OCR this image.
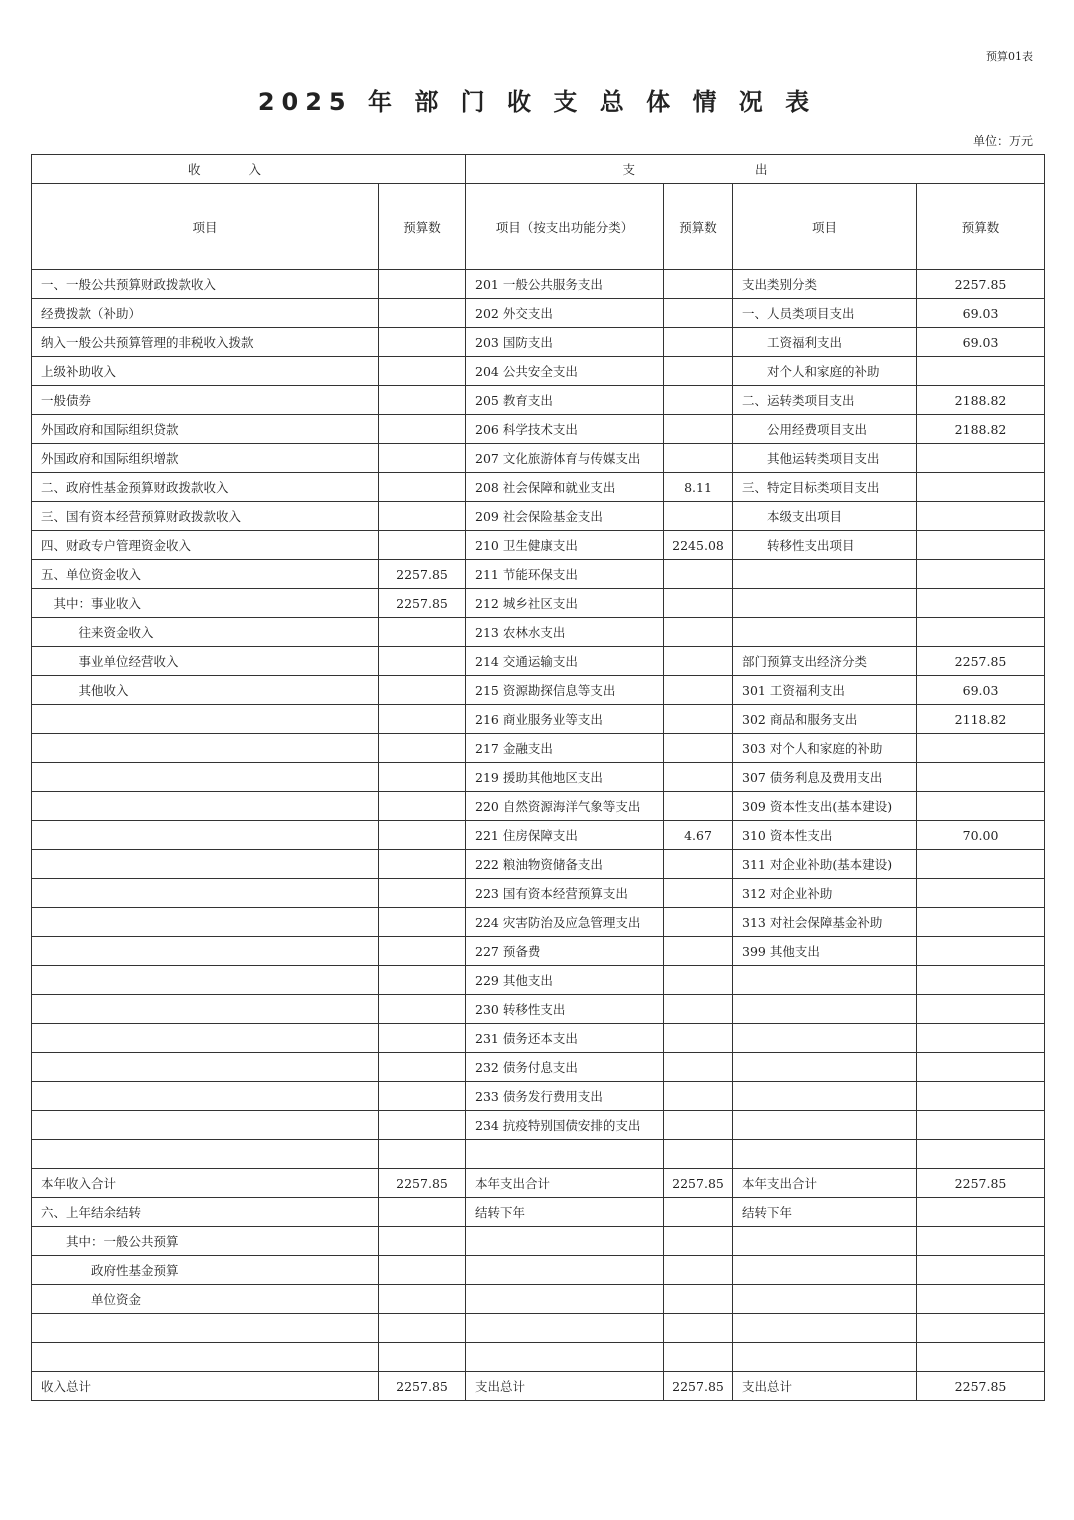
预算01表
2025 年 部 门 收 支 总 体 情 况 表
单位：万元
收入		支出			
项目	预算数	项目（按支出功能分类）	预算数	项目	预算数
一、一般公共预算财政拨款收入		201 一般公共服务支出		支出类别分类	2257.85
经费拨款（补助）		202 外交支出		一、人员类项目支出	69.03
纳入一般公共预算管理的非税收入拨款		203 国防支出		　　工资福利支出	69.03
上级补助收入		204 公共安全支出		　　对个人和家庭的补助	
一般债券		205 教育支出		二、运转类项目支出	2188.82
外国政府和国际组织贷款		206 科学技术支出		　　公用经费项目支出	2188.82
外国政府和国际组织增款		207 文化旅游体育与传媒支出		　　其他运转类项目支出	
二、政府性基金预算财政拨款收入		208 社会保障和就业支出	8.11	三、特定目标类项目支出	
三、国有资本经营预算财政拨款收入		209 社会保险基金支出		　　本级支出项目	
四、财政专户管理资金收入		210 卫生健康支出	2245.08	　　转移性支出项目	
五、单位资金收入	2257.85	211 节能环保支出			
　其中：事业收入	2257.85	212 城乡社区支出			
　　　往来资金收入		213 农林水支出			
　　　事业单位经营收入		214 交通运输支出		部门预算支出经济分类	2257.85
　　　其他收入		215 资源勘探信息等支出		301 工资福利支出	69.03
		216 商业服务业等支出		302 商品和服务支出	2118.82
		217 金融支出		303 对个人和家庭的补助	
		219 援助其他地区支出		307 债务利息及费用支出	
		220 自然资源海洋气象等支出		309 资本性支出(基本建设)	
		221 住房保障支出	4.67	310 资本性支出	70.00
		222 粮油物资储备支出		311 对企业补助(基本建设)	
		223 国有资本经营预算支出		312 对企业补助	
		224 灾害防治及应急管理支出		313 对社会保障基金补助	
		227 预备费		399 其他支出	
		229 其他支出			
		230 转移性支出			
		231 债务还本支出			
		232 债务付息支出			
		233 债务发行费用支出			
		234 抗疫特别国债安排的支出			

本年收入合计	2257.85	本年支出合计	2257.85	本年支出合计	2257.85
六、上年结余结转		结转下年		结转下年	
　　其中：一般公共预算					
　　　　政府性基金预算					
　　　　单位资金					

收入总计	2257.85	支出总计	2257.85	支出总计	2257.85
